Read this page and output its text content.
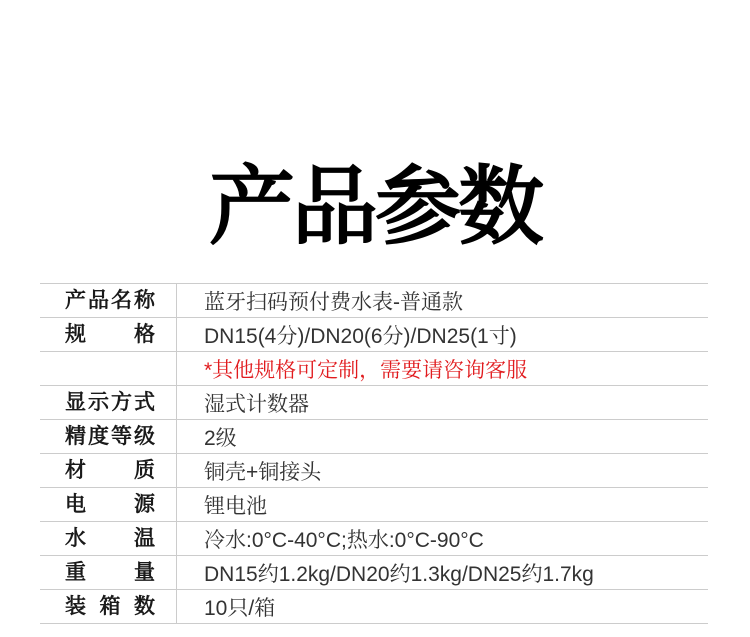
产品参数
产品名称	蓝牙扫码预付费水表-普通款
规格	DN15(4分)/DN20(6分)/DN25(1寸)
*其他规格可定制，需要请咨询客服
显示方式	湿式计数器
精度等级	2级
材质	铜壳+铜接头
电源	锂电池
水温	冷水:0°C-40°C;热水:0°C-90°C
重量	DN15约1.2kg/DN20约1.3kg/DN25约1.7kg
装箱数	10只/箱
